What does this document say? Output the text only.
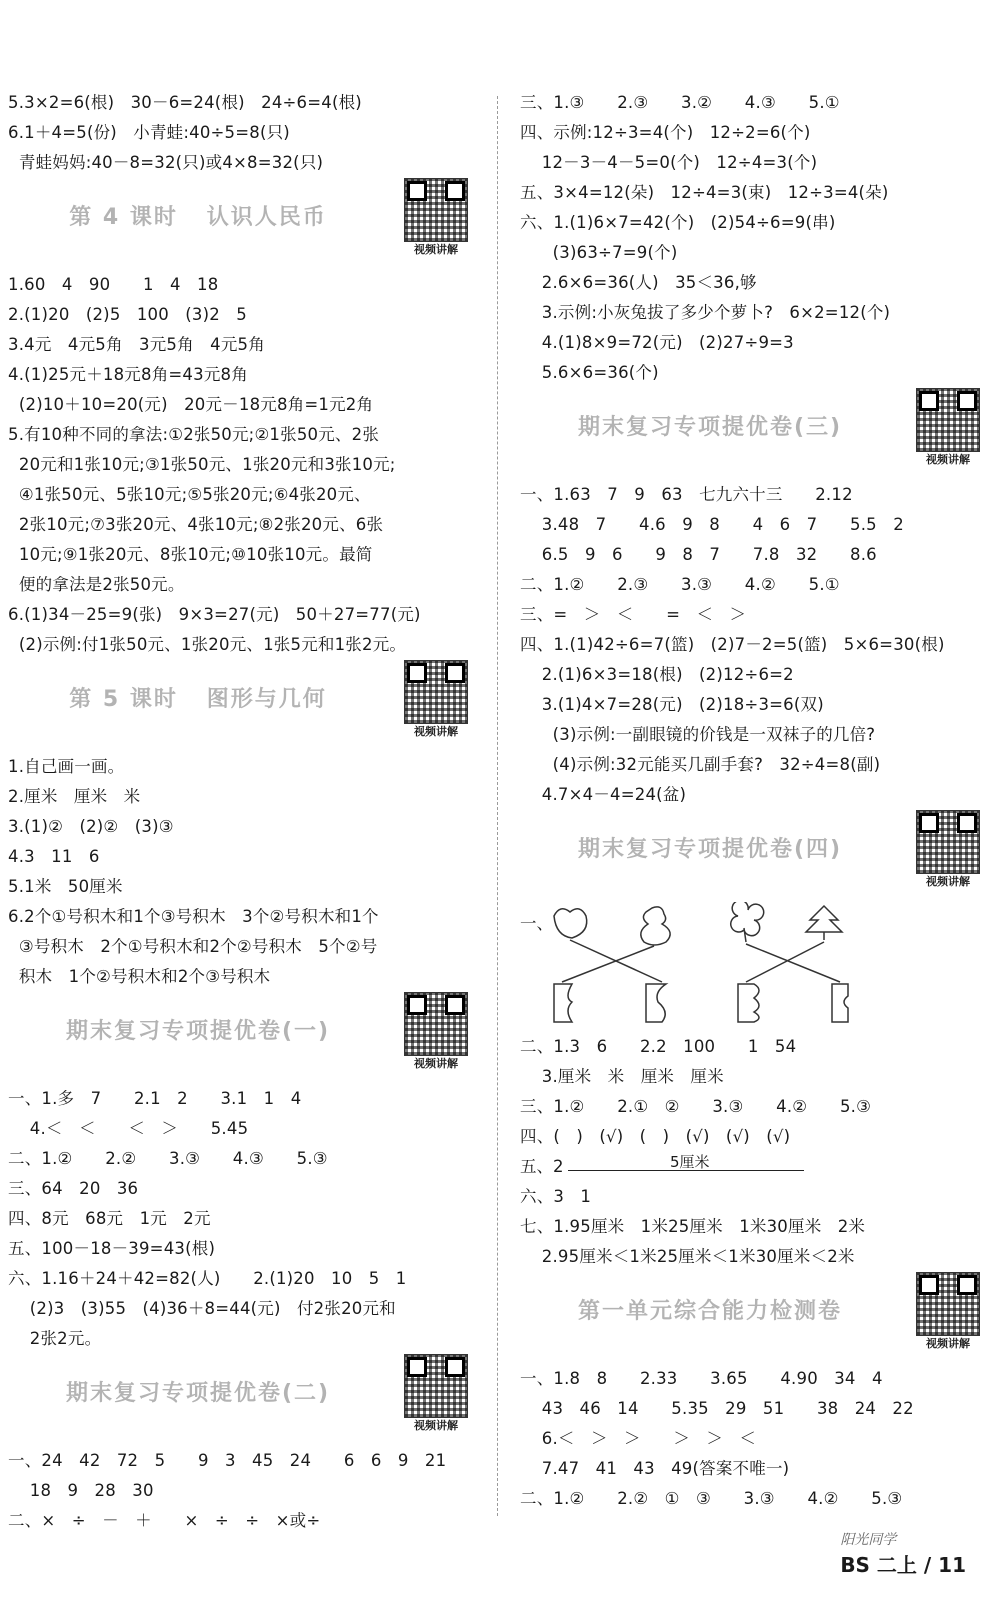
5.3×2=6(根)   30－6=24(根)   24÷6=4(根)
6.1＋4=5(份)   小青蛙:40÷5=8(只)
青蛙妈妈:40－8=32(只)或4×8=32(只)
第 4 课时   认识人民币
视频讲解
1.60   4   90      1   4   18
2.(1)20   (2)5   100   (3)2   5
3.4元   4元5角   3元5角   4元5角
4.(1)25元＋18元8角=43元8角
(2)10＋10=20(元)   20元－18元8角=1元2角
5.有10种不同的拿法:①2张50元;②1张50元、2张
20元和1张10元;③1张50元、1张20元和3张10元;
④1张50元、5张10元;⑤5张20元;⑥4张20元、
2张10元;⑦3张20元、4张10元;⑧2张20元、6张
10元;⑨1张20元、8张10元;⑩10张10元。最简
便的拿法是2张50元。
6.(1)34－25=9(张)   9×3=27(元)   50＋27=77(元)
(2)示例:付1张50元、1张20元、1张5元和1张2元。
第 5 课时   图形与几何
视频讲解
1.自己画一画。
2.厘米   厘米   米
3.(1)②   (2)②   (3)③
4.3   11   6
5.1米   50厘米
6.2个①号积木和1个③号积木   3个②号积木和1个
③号积木   2个①号积木和2个②号积木   5个②号
积木   1个②号积木和2个③号积木
期末复习专项提优卷(一)
视频讲解
一、1.多   7      2.1   2      3.1   1   4
4.＜   ＜      ＜   ＞      5.45
二、1.②      2.②      3.③      4.③      5.③
三、64   20   36
四、8元   68元   1元   2元
五、100－18－39=43(根)
六、1.16＋24＋42=82(人)      2.(1)20   10   5   1
(2)3   (3)55   (4)36＋8=44(元)   付2张20元和
2张2元。
期末复习专项提优卷(二)
视频讲解
一、24   42   72   5      9   3   45   24      6   6   9   21
18   9   28   30
二、×   ÷   －   ＋      ×   ÷   ÷   ×或÷
三、1.③      2.③      3.②      4.③      5.①
四、示例:12÷3=4(个)   12÷2=6(个)
12－3－4－5=0(个)   12÷4=3(个)
五、3×4=12(朵)   12÷4=3(束)   12÷3=4(朵)
六、1.(1)6×7=42(个)   (2)54÷6=9(串)
(3)63÷7=9(个)
2.6×6=36(人)   35＜36,够
3.示例:小灰兔拔了多少个萝卜?   6×2=12(个)
4.(1)8×9=72(元)   (2)27÷9=3
5.6×6=36(个)
期末复习专项提优卷(三)
视频讲解
一、1.63   7   9   63   七九六十三      2.12
3.48   7      4.6   9   8      4   6   7      5.5   2
6.5   9   6      9   8   7      7.8   32      8.6
二、1.②      2.③      3.③      4.②      5.①
三、=   ＞   ＜      =   ＜   ＞
四、1.(1)42÷6=7(篮)   (2)7－2=5(篮)   5×6=30(根)
2.(1)6×3=18(根)   (2)12÷6=2
3.(1)4×7=28(元)   (2)18÷3=6(双)
(3)示例:一副眼镜的价钱是一双袜子的几倍?
(4)示例:32元能买几副手套?   32÷4=8(副)
4.7×4－4=24(盆)
期末复习专项提优卷(四)
视频讲解
一、
二、1.3   6      2.2   100      1   54
3.厘米   米   厘米   厘米
三、1.②      2.①   ②      3.③      4.②      5.③
四、(   )   (√)   (   )   (√)   (√)   (√)
五、2	5厘米
六、3   1
七、1.95厘米   1米25厘米   1米30厘米   2米
2.95厘米＜1米25厘米＜1米30厘米＜2米
第一单元综合能力检测卷
视频讲解
一、1.8   8      2.33      3.65      4.90   34   4
43   46   14      5.35   29   51      38   24   22
6.＜   ＞   ＞      ＞   ＞   ＜
7.47   41   43   49(答案不唯一)
二、1.②      2.②   ①   ③      3.③      4.②      5.③

阳光同学
BS 二上 / 11
